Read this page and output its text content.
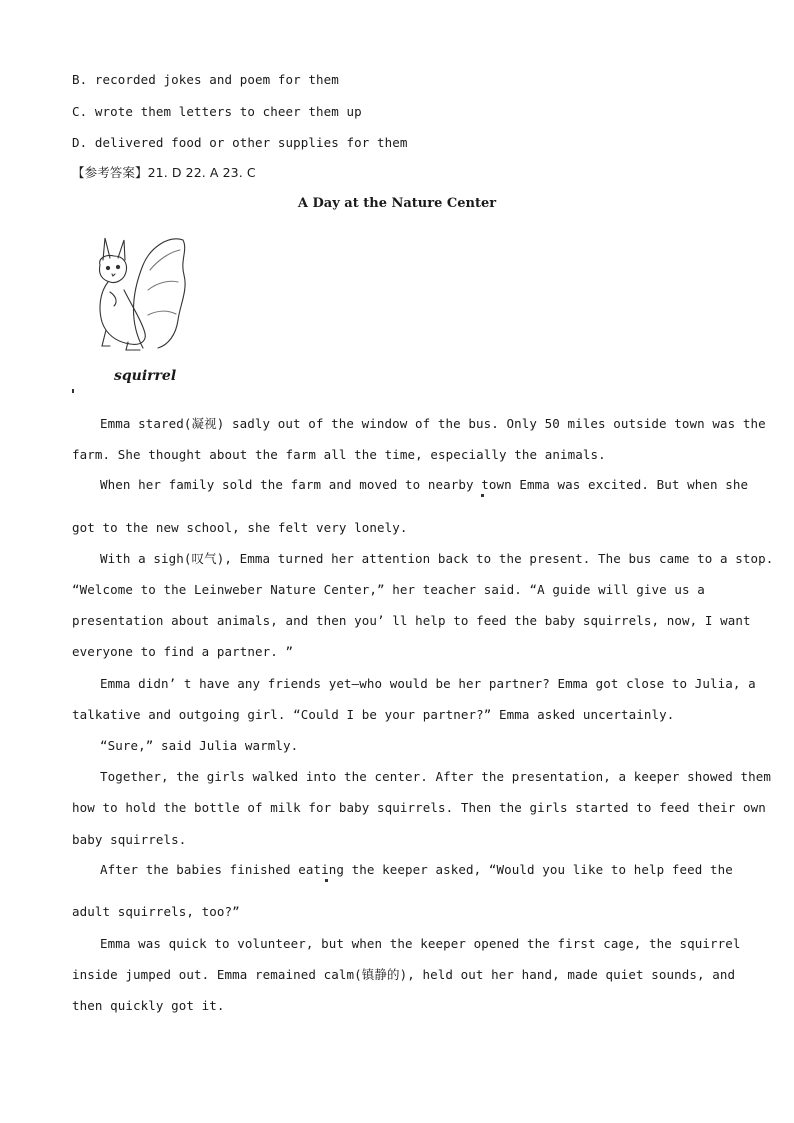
B. recorded jokes and poem for them
C. wrote them letters to cheer them up
D. delivered food or other supplies for them
【参考答案】21. D 22. A 23. C
A Day at the Nature Center
squirrel
Emma stared(凝视) sadly out of the window of the bus. Only 50 miles outside town was the
farm. She thought about the farm all the time, especially the animals.
When her family sold the farm and moved to nearby town Emma was excited. But when she
got to the new school, she felt very lonely.
With a sigh(叹气), Emma turned her attention back to the present. The bus came to a stop.
“Welcome to the Leinweber Nature Center,” her teacher said. “A guide will give us a
presentation about animals, and then you’ ll help to feed the baby squirrels, now, I want
everyone to find a partner. ”
Emma didn’ t have any friends yet—who would be her partner? Emma got close to Julia, a
talkative and outgoing girl. “Could I be your partner?” Emma asked uncertainly.
“Sure,” said Julia warmly.
Together, the girls walked into the center. After the presentation, a keeper showed them
how to hold the bottle of milk for baby squirrels. Then the girls started to feed their own
baby squirrels.
After the babies finished eating the keeper asked, “Would you like to help feed the
adult squirrels, too?”
Emma was quick to volunteer, but when the keeper opened the first cage, the squirrel
inside jumped out. Emma remained calm(镇静的), held out her hand, made quiet sounds, and
then quickly got it.
